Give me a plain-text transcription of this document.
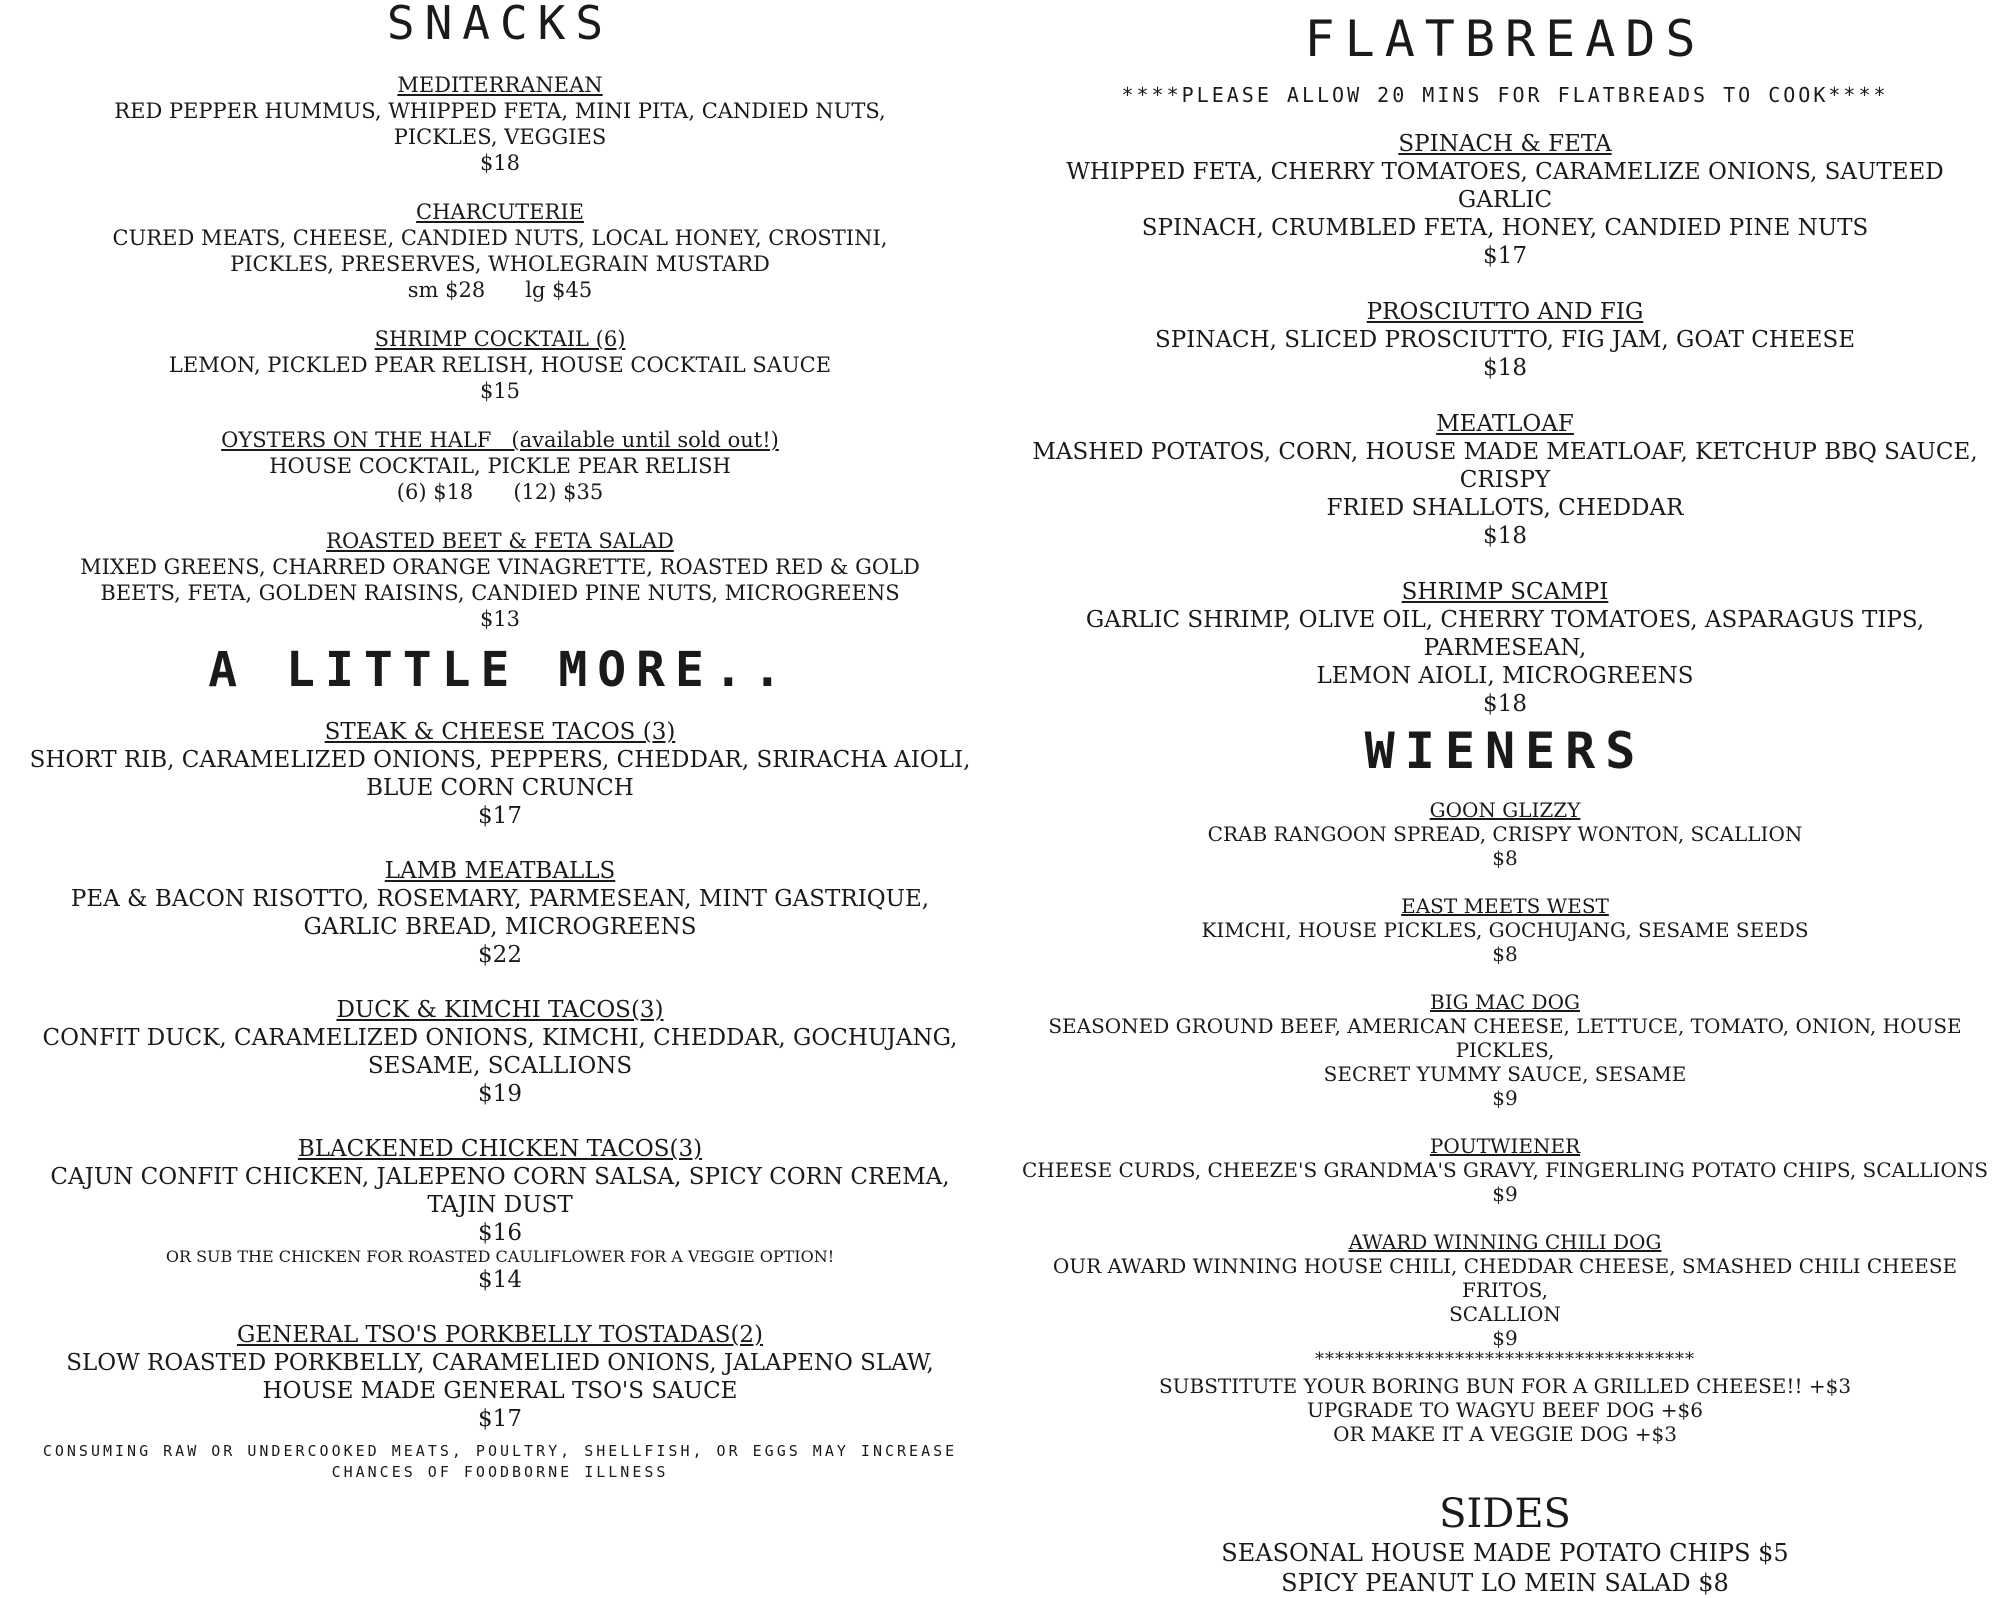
SNACKS
MEDITERRANEAN
RED PEPPER HUMMUS, WHIPPED FETA, MINI PITA, CANDIED NUTS,
PICKLES, VEGGIES
$18
CHARCUTERIE
CURED MEATS, CHEESE, CANDIED NUTS, LOCAL HONEY, CROSTINI,
PICKLES, PRESERVES, WHOLEGRAIN MUSTARD
sm $28      lg $45
SHRIMP COCKTAIL (6)
LEMON, PICKLED PEAR RELISH, HOUSE COCKTAIL SAUCE
$15
OYSTERS ON THE HALF   (available until sold out!)
HOUSE COCKTAIL, PICKLE PEAR RELISH
(6) $18      (12) $35
ROASTED BEET & FETA SALAD
MIXED GREENS, CHARRED ORANGE VINAGRETTE, ROASTED RED & GOLD
BEETS, FETA, GOLDEN RAISINS, CANDIED PINE NUTS, MICROGREENS
$13
A LITTLE MORE..
STEAK & CHEESE TACOS (3)
SHORT RIB, CARAMELIZED ONIONS, PEPPERS, CHEDDAR, SRIRACHA AIOLI,
BLUE CORN CRUNCH
$17
LAMB MEATBALLS
PEA & BACON RISOTTO, ROSEMARY, PARMESEAN, MINT GASTRIQUE,
GARLIC BREAD, MICROGREENS
$22
DUCK & KIMCHI TACOS(3)
CONFIT DUCK, CARAMELIZED ONIONS, KIMCHI, CHEDDAR, GOCHUJANG,
SESAME, SCALLIONS
$19
BLACKENED CHICKEN TACOS(3)
CAJUN CONFIT CHICKEN, JALEPENO CORN SALSA, SPICY CORN CREMA,
TAJIN DUST
$16
OR SUB THE CHICKEN FOR ROASTED CAULIFLOWER FOR A VEGGIE OPTION!
$14
GENERAL TSO'S PORKBELLY TOSTADAS(2)
SLOW ROASTED PORKBELLY, CARAMELIED ONIONS, JALAPENO SLAW,
HOUSE MADE GENERAL TSO'S SAUCE
$17
CONSUMING RAW OR UNDERCOOKED MEATS, POULTRY, SHELLFISH, OR EGGS MAY INCREASE
CHANCES OF FOODBORNE ILLNESS
FLATBREADS
****PLEASE ALLOW 20 MINS FOR FLATBREADS TO COOK****
SPINACH & FETA
WHIPPED FETA, CHERRY TOMATOES, CARAMELIZE ONIONS, SAUTEED GARLIC
SPINACH, CRUMBLED FETA, HONEY, CANDIED PINE NUTS
$17
PROSCIUTTO AND FIG
SPINACH, SLICED PROSCIUTTO, FIG JAM, GOAT CHEESE
$18
MEATLOAF
MASHED POTATOS, CORN, HOUSE MADE MEATLOAF, KETCHUP BBQ SAUCE, CRISPY
FRIED SHALLOTS, CHEDDAR
$18
SHRIMP SCAMPI
GARLIC SHRIMP, OLIVE OIL, CHERRY TOMATOES, ASPARAGUS TIPS, PARMESEAN,
LEMON AIOLI, MICROGREENS
$18
WIENERS
GOON GLIZZY
CRAB RANGOON SPREAD, CRISPY WONTON, SCALLION
$8
EAST MEETS WEST
KIMCHI, HOUSE PICKLES, GOCHUJANG, SESAME SEEDS
$8
BIG MAC DOG
SEASONED GROUND BEEF, AMERICAN CHEESE, LETTUCE, TOMATO, ONION, HOUSE PICKLES,
SECRET YUMMY SAUCE, SESAME
$9
POUTWIENER
CHEESE CURDS, CHEEZE'S GRANDMA'S GRAVY, FINGERLING POTATO CHIPS, SCALLIONS
$9
AWARD WINNING CHILI DOG
OUR AWARD WINNING HOUSE CHILI, CHEDDAR CHEESE, SMASHED CHILI CHEESE FRITOS,
SCALLION
$9
**************************************
SUBSTITUTE YOUR BORING BUN FOR A GRILLED CHEESE!! +$3
UPGRADE TO WAGYU BEEF DOG +$6
OR MAKE IT A VEGGIE DOG +$3
SIDES
SEASONAL HOUSE MADE POTATO CHIPS $5
SPICY PEANUT LO MEIN SALAD $8
